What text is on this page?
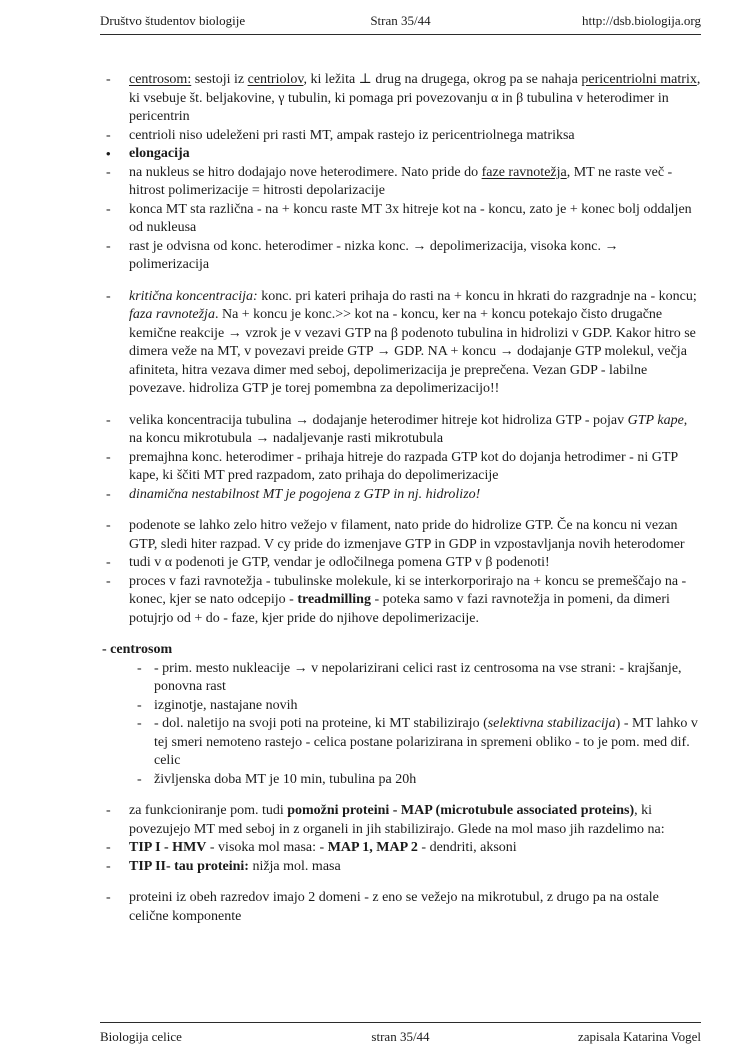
Društvo študentov biologije	Stran 35/44	http://dsb.biologija.org
-	centrosom: sestoji iz centriolov, ki ležita ⊥ drug na drugega, okrog pa se nahaja pericentriolni matrix, ki vsebuje št. beljakovine, γ tubulin, ki pomaga pri povezovanju α in β tubulina v heterodimer in pericentrin
-	centrioli niso udeleženi pri rasti MT, ampak rastejo iz pericentriolnega matriksa
•	elongacija
-	na nukleus se hitro dodajajo nove heterodimere. Nato pride do faze ravnotežja, MT ne raste več - hitrost polimerizacije = hitrosti depolarizacije
-	konca MT sta različna - na + koncu raste MT 3x hitreje kot na - koncu, zato je + konec bolj oddaljen od nukleusa
-	rast je odvisna od konc. heterodimer - nizka konc. → depolimerizacija, visoka konc. → polimerizacija
-	kritična koncentracija: konc. pri kateri prihaja do rasti na + koncu in hkrati do razgradnje na - koncu; faza ravnotežja. Na + koncu je konc.>> kot na - koncu, ker na + koncu potekajo čisto drugačne kemične reakcije → vzrok je v vezavi GTP na β podenoto tubulina in hidrolizi v GDP. Kakor hitro se dimera veže na MT, v povezavi preide GTP → GDP. NA + koncu → dodajanje GTP molekul, večja afiniteta, hitra vezava dimer med seboj, depolimerizacija je preprečena. Vezan GDP - labilne povezave. hidroliza GTP je torej pomembna za depolimerizacijo!!
-	velika koncentracija tubulina → dodajanje heterodimer hitreje kot hidroliza GTP - pojav GTP kape, na koncu mikrotubula → nadaljevanje rasti mikrotubula
-	premajhna konc. heterodimer - prihaja hitreje do razpada GTP kot do dojanja hetrodimer - ni GTP kape, ki ščiti MT pred razpadom, zato prihaja do depolimerizacije
-	dinamična nestabilnost MT je pogojena z GTP in nj. hidrolizo!
-	podenote se lahko zelo hitro vežejo v filament, nato pride do hidrolize GTP. Če na koncu ni vezan GTP, sledi hiter razpad. V cy pride do izmenjave GTP in GDP in vzpostavljanja novih heterodomer
-	tudi v α podenoti je GTP, vendar je odločilnega pomena GTP v β podenoti!
-	proces v fazi ravnotežja - tubulinske molekule, ki se interkorporirajo na + koncu se premeščajo na - konec, kjer se nato odcepijo - treadmilling - poteka samo v fazi ravnotežja in pomeni, da dimeri potujrjo od + do - faze, kjer pride do njihove depolimerizacije.
- centrosom
- - prim. mesto nukleacije → v nepolarizirani celici rast iz centrosoma na vse strani: - krajšanje, ponovna rast
- izginotje, nastajane novih
- - dol. naletijo na svoji poti na proteine, ki MT stabilizirajo (selektivna stabilizacija) - MT lahko v tej smeri nemoteno rastejo - celica postane polarizirana in spremeni obliko - to je pom. med dif. celic
- življenska doba MT je 10 min, tubulina pa 20h
-	za funkcioniranje pom. tudi pomožni proteini - MAP (microtubule associated proteins), ki povezujejo MT med seboj in z organeli in jih stabilizirajo. Glede na mol maso jih razdelimo na:
-	TIP I - HMV - visoka mol masa: - MAP 1, MAP 2 - dendriti, aksoni
-	TIP II- tau proteini: nižja mol. masa
-	proteini iz obeh razredov imajo 2 domeni - z eno se vežejo na mikrotubul, z drugo pa na ostale celične komponente
Biologija celice	stran 35/44	zapisala Katarina Vogel
